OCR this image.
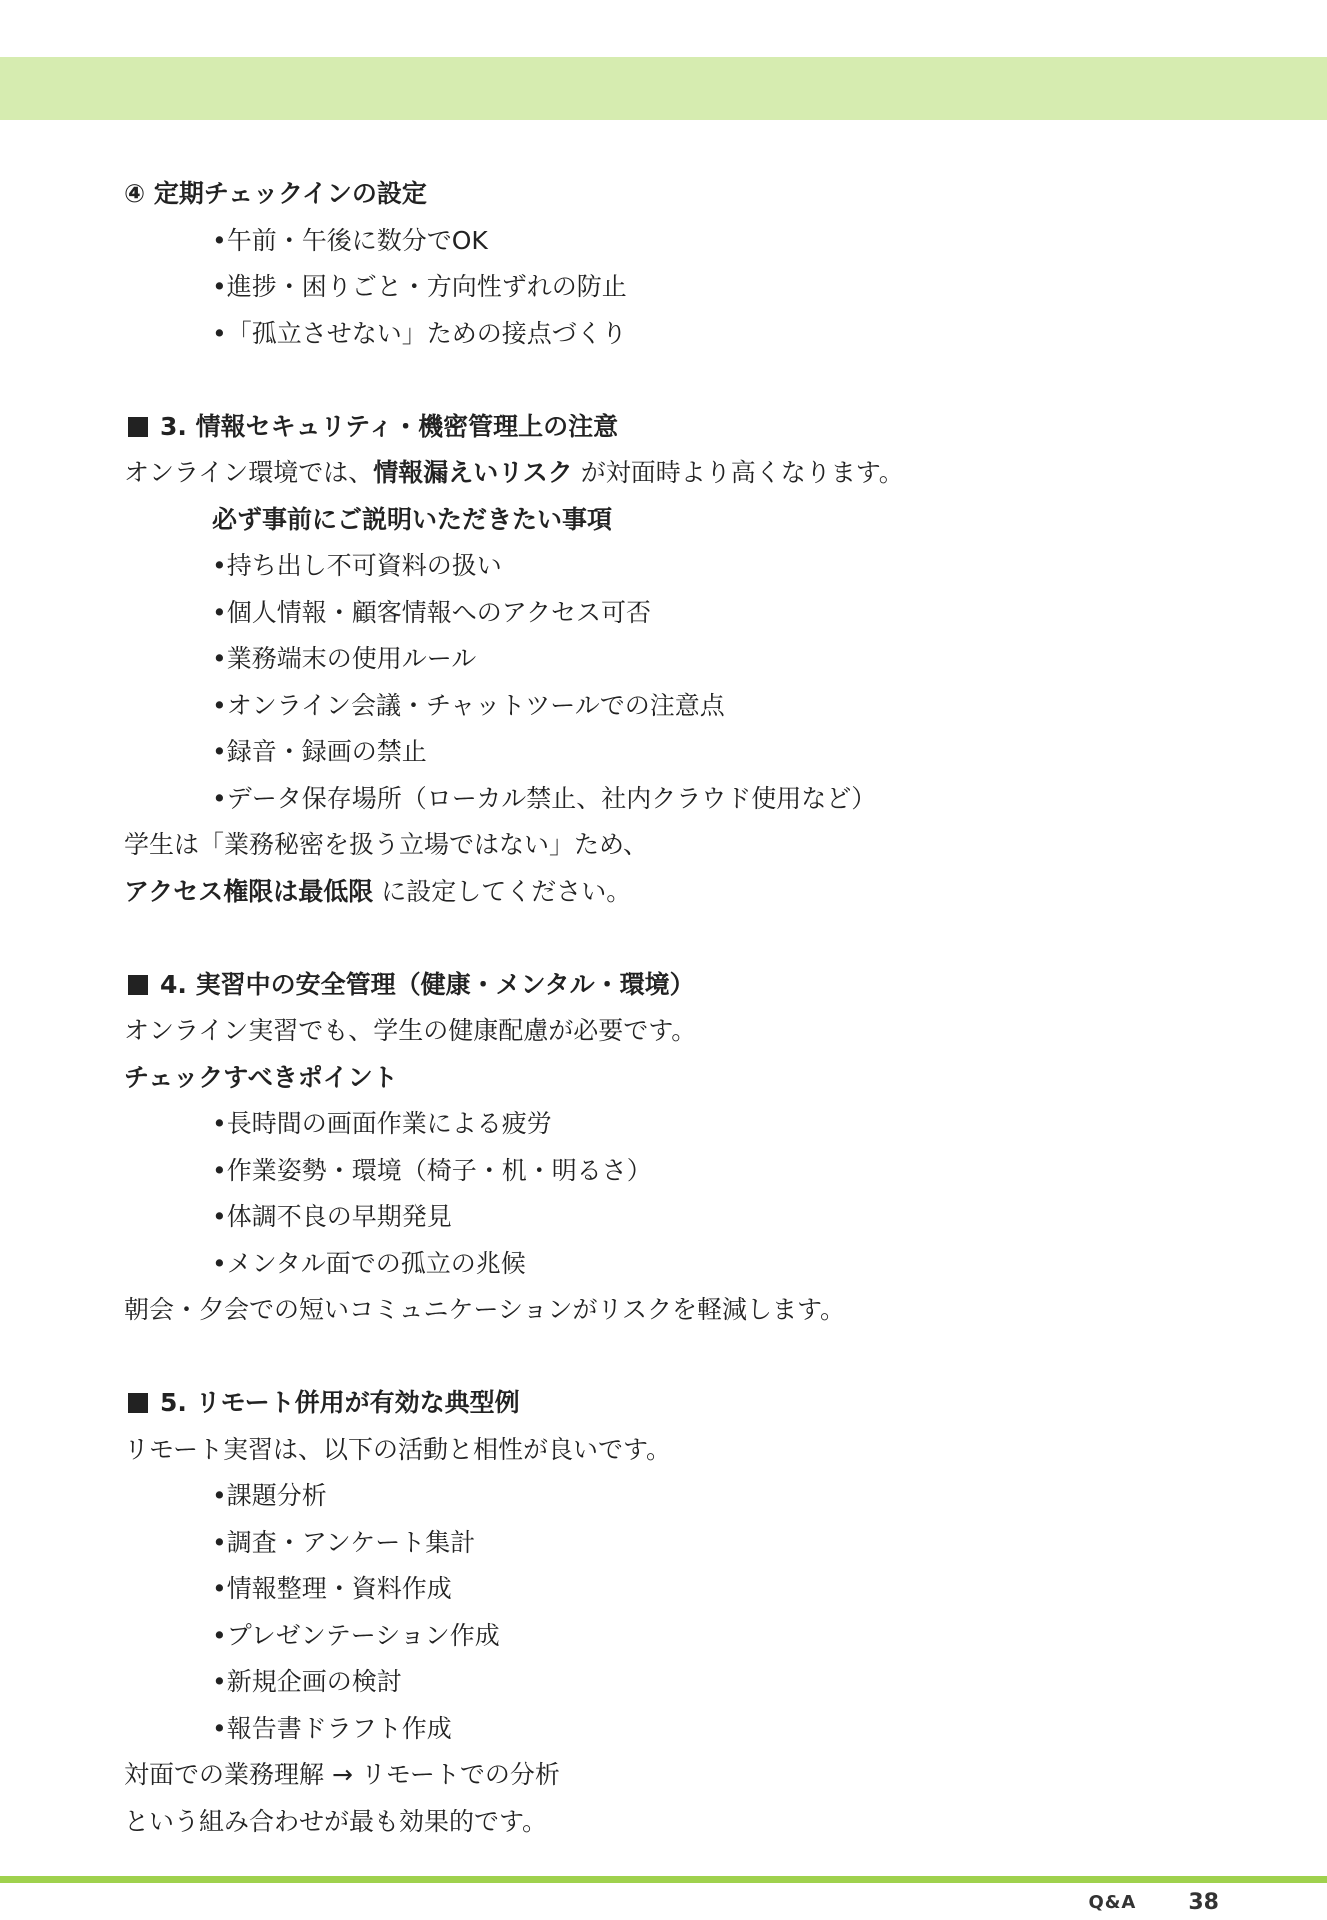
④ 定期チェックインの設定
•午前・午後に数分でOK
•進捗・困りごと・方向性ずれの防止
•「孤立させない」ための接点づくり
3. 情報セキュリティ・機密管理上の注意
オンライン環境では、情報漏えいリスク が対面時より高くなります。
必ず事前にご説明いただきたい事項
•持ち出し不可資料の扱い
•個人情報・顧客情報へのアクセス可否
•業務端末の使用ルール
•オンライン会議・チャットツールでの注意点
•録音・録画の禁止
•データ保存場所（ローカル禁止、社内クラウド使用など）
学生は「業務秘密を扱う立場ではない」ため、
アクセス権限は最低限 に設定してください。
4. 実習中の安全管理（健康・メンタル・環境）
オンライン実習でも、学生の健康配慮が必要です。
チェックすべきポイント
•長時間の画面作業による疲労
•作業姿勢・環境（椅子・机・明るさ）
•体調不良の早期発見
•メンタル面での孤立の兆候
朝会・夕会での短いコミュニケーションがリスクを軽減します。
5. リモート併用が有効な典型例
リモート実習は、以下の活動と相性が良いです。
•課題分析
•調査・アンケート集計
•情報整理・資料作成
•プレゼンテーション作成
•新規企画の検討
•報告書ドラフト作成
対面での業務理解 → リモートでの分析
という組み合わせが最も効果的です。
Q&A 38
